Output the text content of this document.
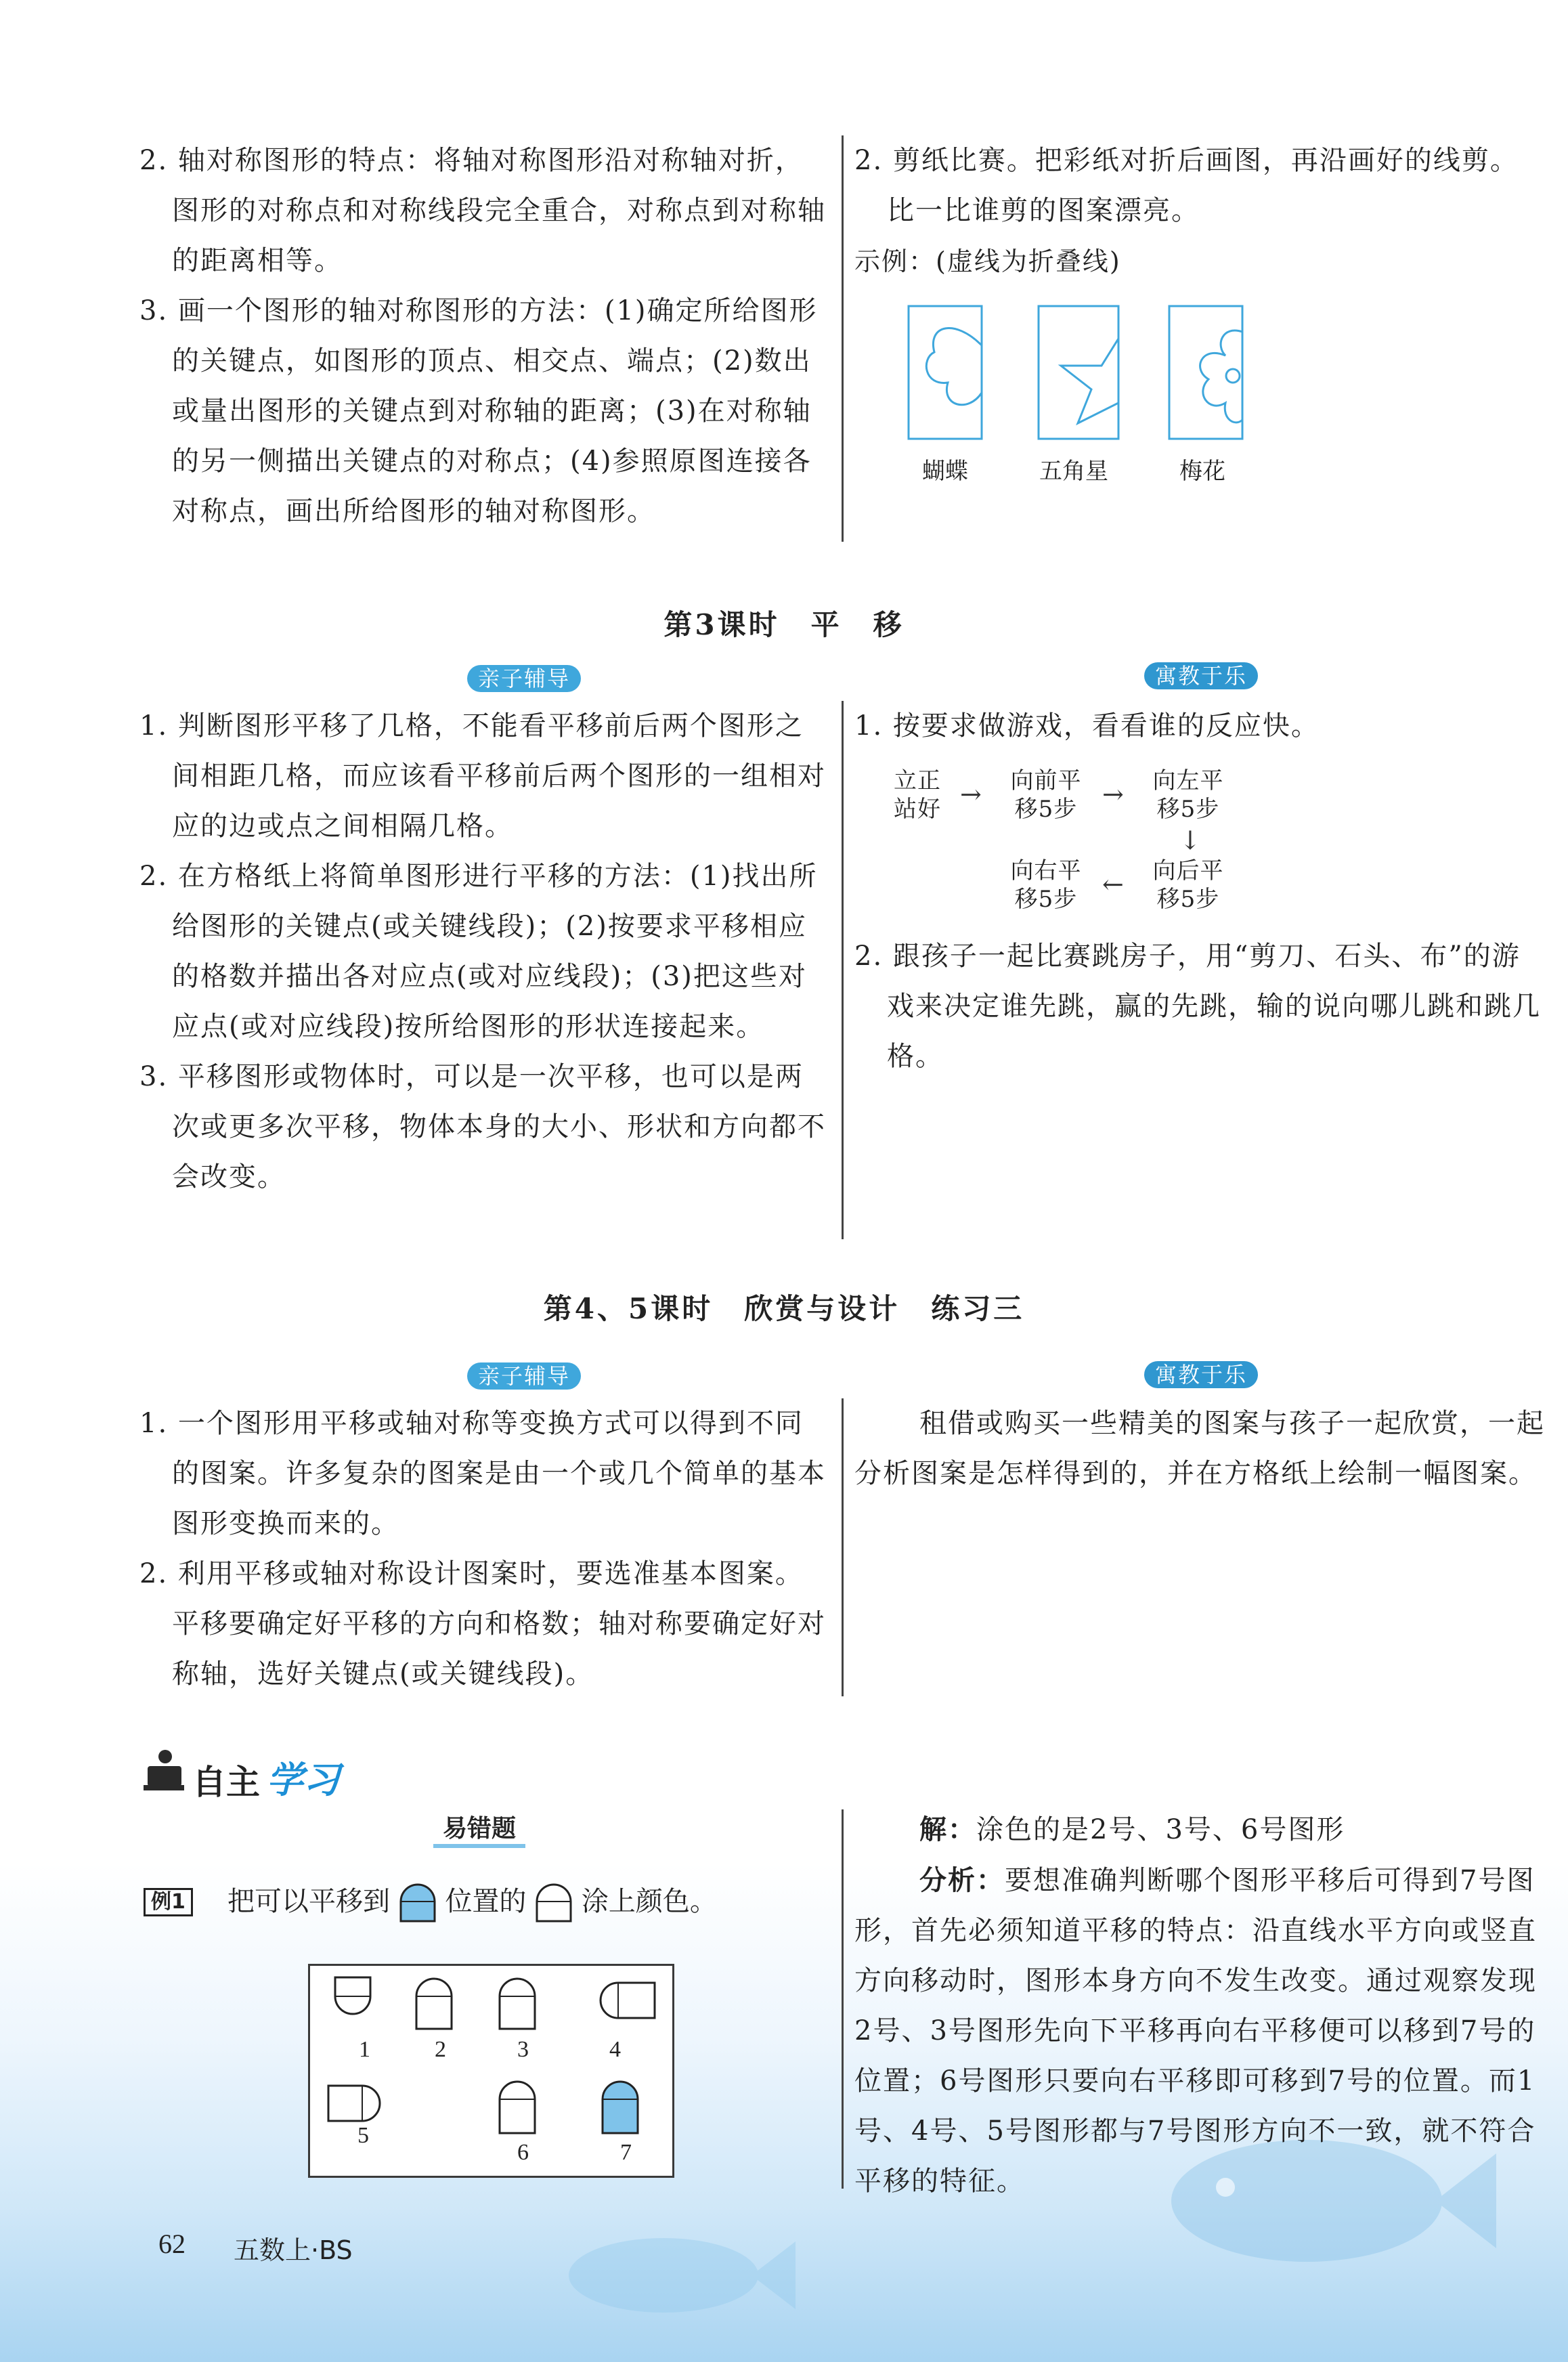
2. 轴对称图形的特点：将轴对称图形沿对称轴对折，图形的对称点和对称线段完全重合，对称点到对称轴的距离相等。

3. 画一个图形的轴对称图形的方法：(1)确定所给图形的关键点，如图形的顶点、相交点、端点；(2)数出或量出图形的关键点到对称轴的距离；(3)在对称轴的另一侧描出关键点的对称点；(4)参照原图连接各对称点，画出所给图形的轴对称图形。

2. 剪纸比赛。把彩纸对折后画图，再沿画好的线剪。比一比谁剪的图案漂亮。

示例：(虚线为折叠线)
蝴蝶	五角星	梅花
第3课时　平　移
亲子辅导	寓教于乐

1. 判断图形平移了几格，不能看平移前后两个图形之间相距几格，而应该看平移前后两个图形的一组相对应的边或点之间相隔几格。

2. 在方格纸上将简单图形进行平移的方法：(1)找出所给图形的关键点(或关键线段)；(2)按要求平移相应的格数并描出各对应点(或对应线段)；(3)把这些对应点(或对应线段)按所给图形的形状连接起来。

3. 平移图形或物体时，可以是一次平移，也可以是两次或更多次平移，物体本身的大小、形状和方向都不会改变。

1. 按要求做游戏，看看谁的反应快。

立正
站好 →	向前平
移5步 →	向左平
移5步
↓
向右平
移5步 ←	向后平
移5步

2. 跟孩子一起比赛跳房子，用“剪刀、石头、布”的游戏来决定谁先跳，赢的先跳，输的说向哪儿跳和跳几格。

第4、5课时　欣赏与设计　练习三
亲子辅导	寓教于乐

1. 一个图形用平移或轴对称等变换方式可以得到不同的图案。许多复杂的图案是由一个或几个简单的基本图形变换而来的。

2. 利用平移或轴对称设计图案时，要选准基本图案。平移要确定好平移的方向和格数；轴对称要确定好对称轴，选好关键点(或关键线段)。

租借或购买一些精美的图案与孩子一起欣赏，一起分析图案是怎样得到的，并在方格纸上绘制一幅图案。
自主 学习
易错题
例1 把可以平移到 位置的 涂上颜色。
1	2	3	4
5
6	7
解：涂色的是2号、3号、6号图形
分析：要想准确判断哪个图形平移后可得到7号图形，首先必须知道平移的特点：沿直线水平方向或竖直方向移动时，图形本身方向不发生改变。通过观察发现2号、3号图形先向下平移再向右平移便可以移到7号的位置；6号图形只要向右平移即可移到7号的位置。而1号、4号、5号图形都与7号图形方向不一致，就不符合平移的特征。
62 五数上·BS
